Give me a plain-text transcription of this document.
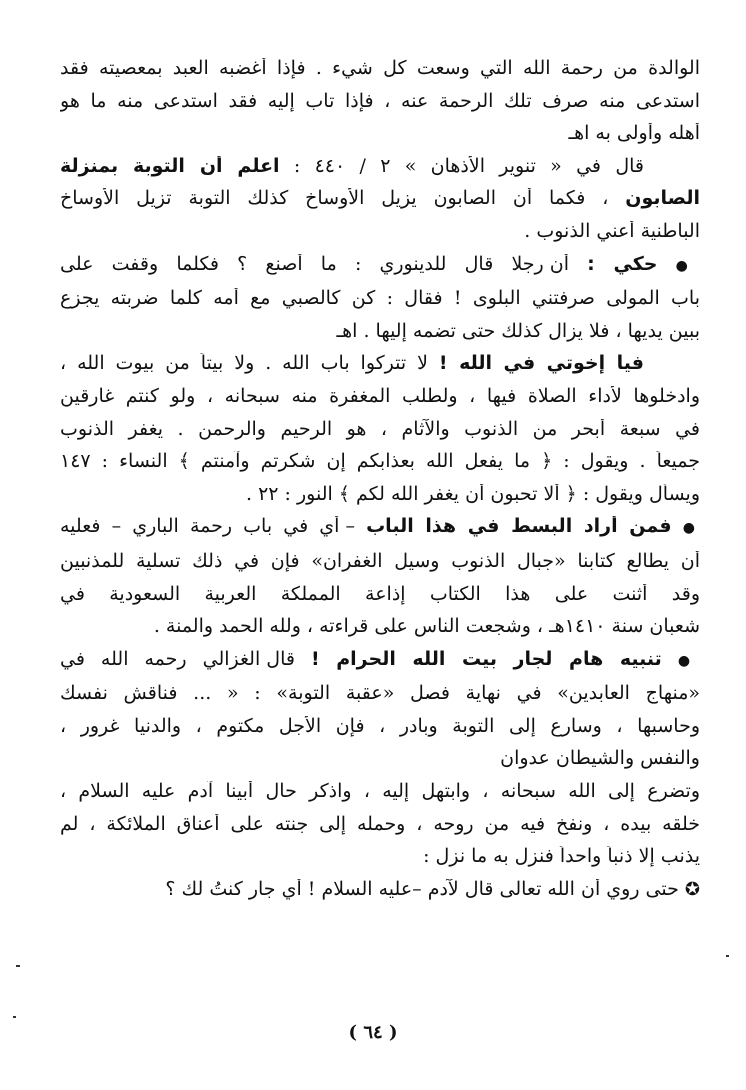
الوالدة من رحمة الله التي وسعت كل شيء . فإذا أغضبه العبد بمعصيته فقد
استدعى منه صرف تلك الرحمة عنه ، فإذا تاب إليه فقد استدعى منه ما هو
أهله وأولى به اهـ
قال في « تنوير الأذهان » ٢ / ٤٤٠ : اعلم أن التوبة بمنزلة
الصابون ، فكما أن الصابون يزيل الأوساخ كذلك التوبة تزيل الأوساخ
الباطنية أعني الذنوب .
● حكي : أن رجلا قال للدينوري : ما أصنع ؟ فكلما وقفت على
باب المولى صرفتني البلوى ! فقال : كن كالصبي مع أمه كلما ضربته يجزع
ببين يديها ، فلا يزال كذلك حتى تضمه إليها . اهـ
فيا إخوتي في الله ! لا تتركوا باب الله . ولا بيتاً من بيوت الله ،
وادخلوها لأداء الصلاة فيها ، ولطلب المغفرة منه سبحانه ، ولو كنتم غارقين
في سبعة أبحر من الذنوب والآثام ، هو الرحيم والرحمن . يغفر الذنوب
جميعاً . ويقول : ﴿ ما يفعل الله بعذابكم إن شكرتم وآمنتم ﴾ النساء : ١٤٧
ويسأل ويقول : ﴿ ألا تحبون أن يغفر الله لكم ﴾ النور : ٢٢ .
● فمن أراد البسط في هذا الباب – أي في باب رحمة الباري – فعليه
أن يطالع كتابنا «جبال الذنوب وسيل الغفران» فإن في ذلك تسلية للمذنبين
وقد أثنت على هذا الكتاب إذاعة المملكة العربية السعودية في
شعبان سنة ١٤١٠هـ ، وشجعت الناس على قراءته ، ولله الحمد والمنة .
● تنبيه هام لجار بيت الله الحرام ! قال الغزالي رحمه الله في
«منهاج العابدين» في نهاية فصل «عقبة التوبة» : « ... فناقش نفسك
وحاسبها ، وسارع إلى التوبة وبادر ، فإن الأجل مكتوم ، والدنيا غرور ،
والنفس والشيطان عدوان
وتضرع إلى الله سبحانه ، وابتهل إليه ، واذكر حال أبينا آدم عليه السلام ،
خلقه بيده ، ونفخ فيه من روحه ، وحمله إلى جنته على أعناق الملائكة ، لم
يذنب إلا ذنباً واحداً فنزل به ما نزل :
✪ حتى روي أن الله تعالى قال لآدم –عليه السلام ! أي جار كنتُ لك ؟
( ٦٤ )
